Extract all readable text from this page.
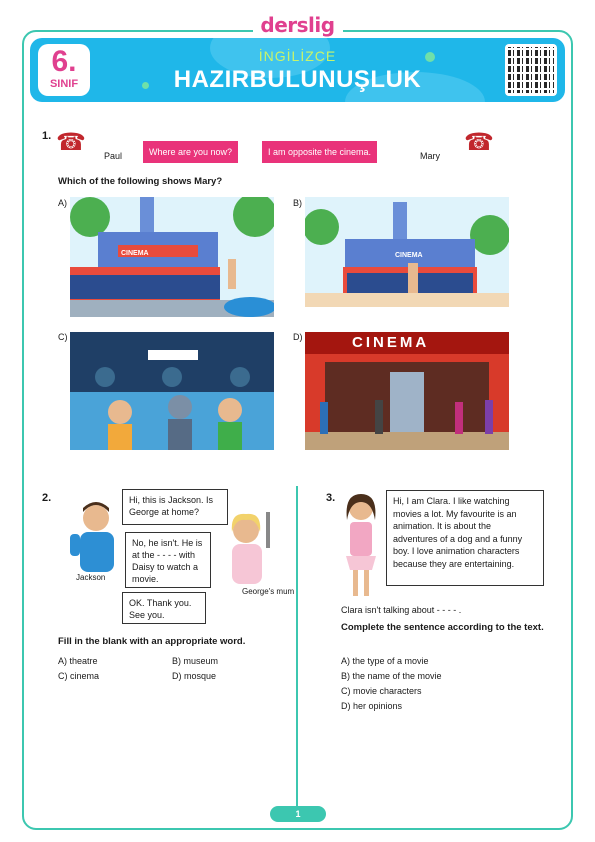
derslig
6.
SINIF
İNGİLİZCE
HAZIRBULUNUŞLUK
1. ☎ Paul	Where are you now?	I am opposite the cinema.	Mary ☎
Which of the following shows Mary?
A)
CINEMA
B)
CINEMA
C)	D)	CINEMA
2.
Jackson
Hi, this is Jackson. Is George at home?
No, he isn't. He is at the - - - - with Daisy to watch a movie.
George's mum
OK. Thank you. See you.
Fill in the blank with an appropriate word.
A) theatre	B) museum
C) cinema	D) mosque
3.	Hi, I am Clara. I like watching movies a lot. My favourite is an animation. It is about the adventures of a dog and a funny boy. I love animation characters because they are entertaining.
Clara isn't talking about - - - - .
Complete the sentence according to the text.
A) the type of a movie
B) the name of the movie
C) movie characters
D) her opinions
1
